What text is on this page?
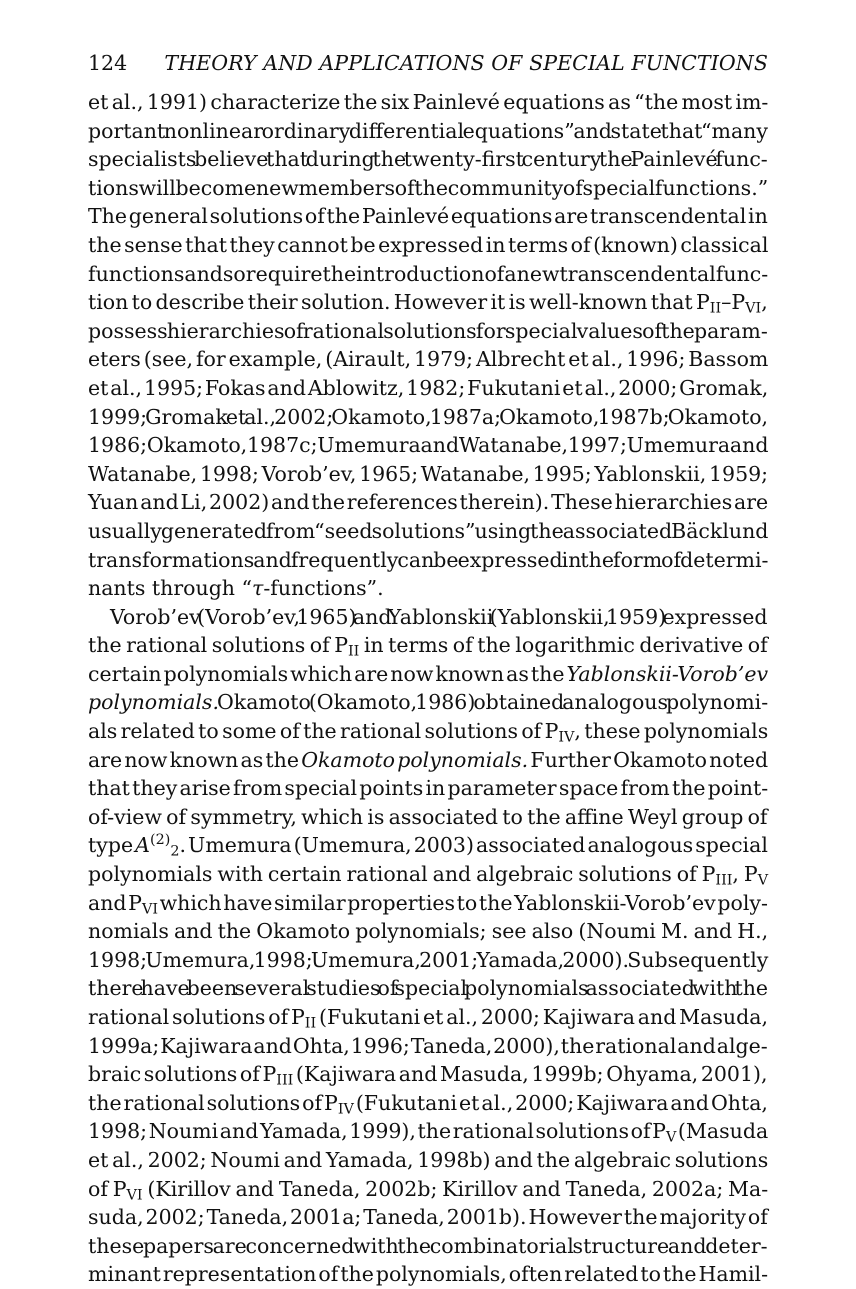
124 THEORY AND APPLICATIONS OF SPECIAL FUNCTIONS
et al., 1991) characterize the six Painlevé equations as “the most im-
portant nonlinear ordinary differential equations” and state that “many
specialists believe that during the twenty-first century the Painlevé func-
tions will become new members of the community of special functions.”
The general solutions of the Painlevé equations are transcendental in
the sense that they cannot be expressed in terms of (known) classical
functions and so require the introduction of a new transcendental func-
tion to describe their solution. However it is well-known that $P_{II}-P_{VI}$,
possess hierarchies of rational solutions for special values of the param-
eters (see, for example, (Airault, 1979; Albrecht et al., 1996; Bassom
et al., 1995; Fokas and Ablowitz, 1982; Fukutani et al., 2000; Gromak,
1999; Gromak et al., 2002; Okamoto, 1987a; Okamoto, 1987b; Okamoto,
1986; Okamoto, 1987c; Umemura and Watanabe, 1997; Umemura and
Watanabe, 1998; Vorob’ev, 1965; Watanabe, 1995; Yablonskii, 1959;
Yuan and Li, 2002) and the references therein). These hierarchies are
usually generated from “seed solutions” using the associated Bäcklund
transformations and frequently can be expressed in the form of determi-
nants through “τ-functions”.
Vorob’ev (Vorob’ev, 1965) and Yablonskii (Yablonskii, 1959) expressed
the rational solutions of $P_{II}$ in terms of the logarithmic derivative of
certain polynomials which are now known as the Yablonskii-Vorob’ev
polynomials. Okamoto (Okamoto, 1986) obtained analogous polynomi-
als related to some of the rational solutions of $P_{IV}$, these polynomials
are now known as the Okamoto polynomials. Further Okamoto noted
that they arise from special points in parameter space from the point-
of-view of symmetry, which is associated to the affine Weyl group of
type $A^{(2)}_2$. Umemura (Umemura, 2003) associated analogous special
polynomials with certain rational and algebraic solutions of $P_{III}$, $P_V$
and $P_{VI}$ which have similar properties to the Yablonskii-Vorob’ev poly-
nomials and the Okamoto polynomials; see also (Noumi M. and H.,
1998; Umemura, 1998; Umemura, 2001; Yamada, 2000). Subsequently
there have been several studies of special polynomials associated with the
rational solutions of $P_{II}$ (Fukutani et al., 2000; Kajiwara and Masuda,
1999a; Kajiwara and Ohta, 1996; Taneda, 2000), the rational and alge-
braic solutions of $P_{III}$ (Kajiwara and Masuda, 1999b; Ohyama, 2001),
the rational solutions of $P_{IV}$ (Fukutani et al., 2000; Kajiwara and Ohta,
1998; Noumi and Yamada, 1999), the rational solutions of $P_V$ (Masuda
et al., 2002; Noumi and Yamada, 1998b) and the algebraic solutions
of $P_{VI}$ (Kirillov and Taneda, 2002b; Kirillov and Taneda, 2002a; Ma-
suda, 2002; Taneda, 2001a; Taneda, 2001b). However the majority of
these papers are concerned with the combinatorial structure and deter-
minant representation of the polynomials, often related to the Hamil-
